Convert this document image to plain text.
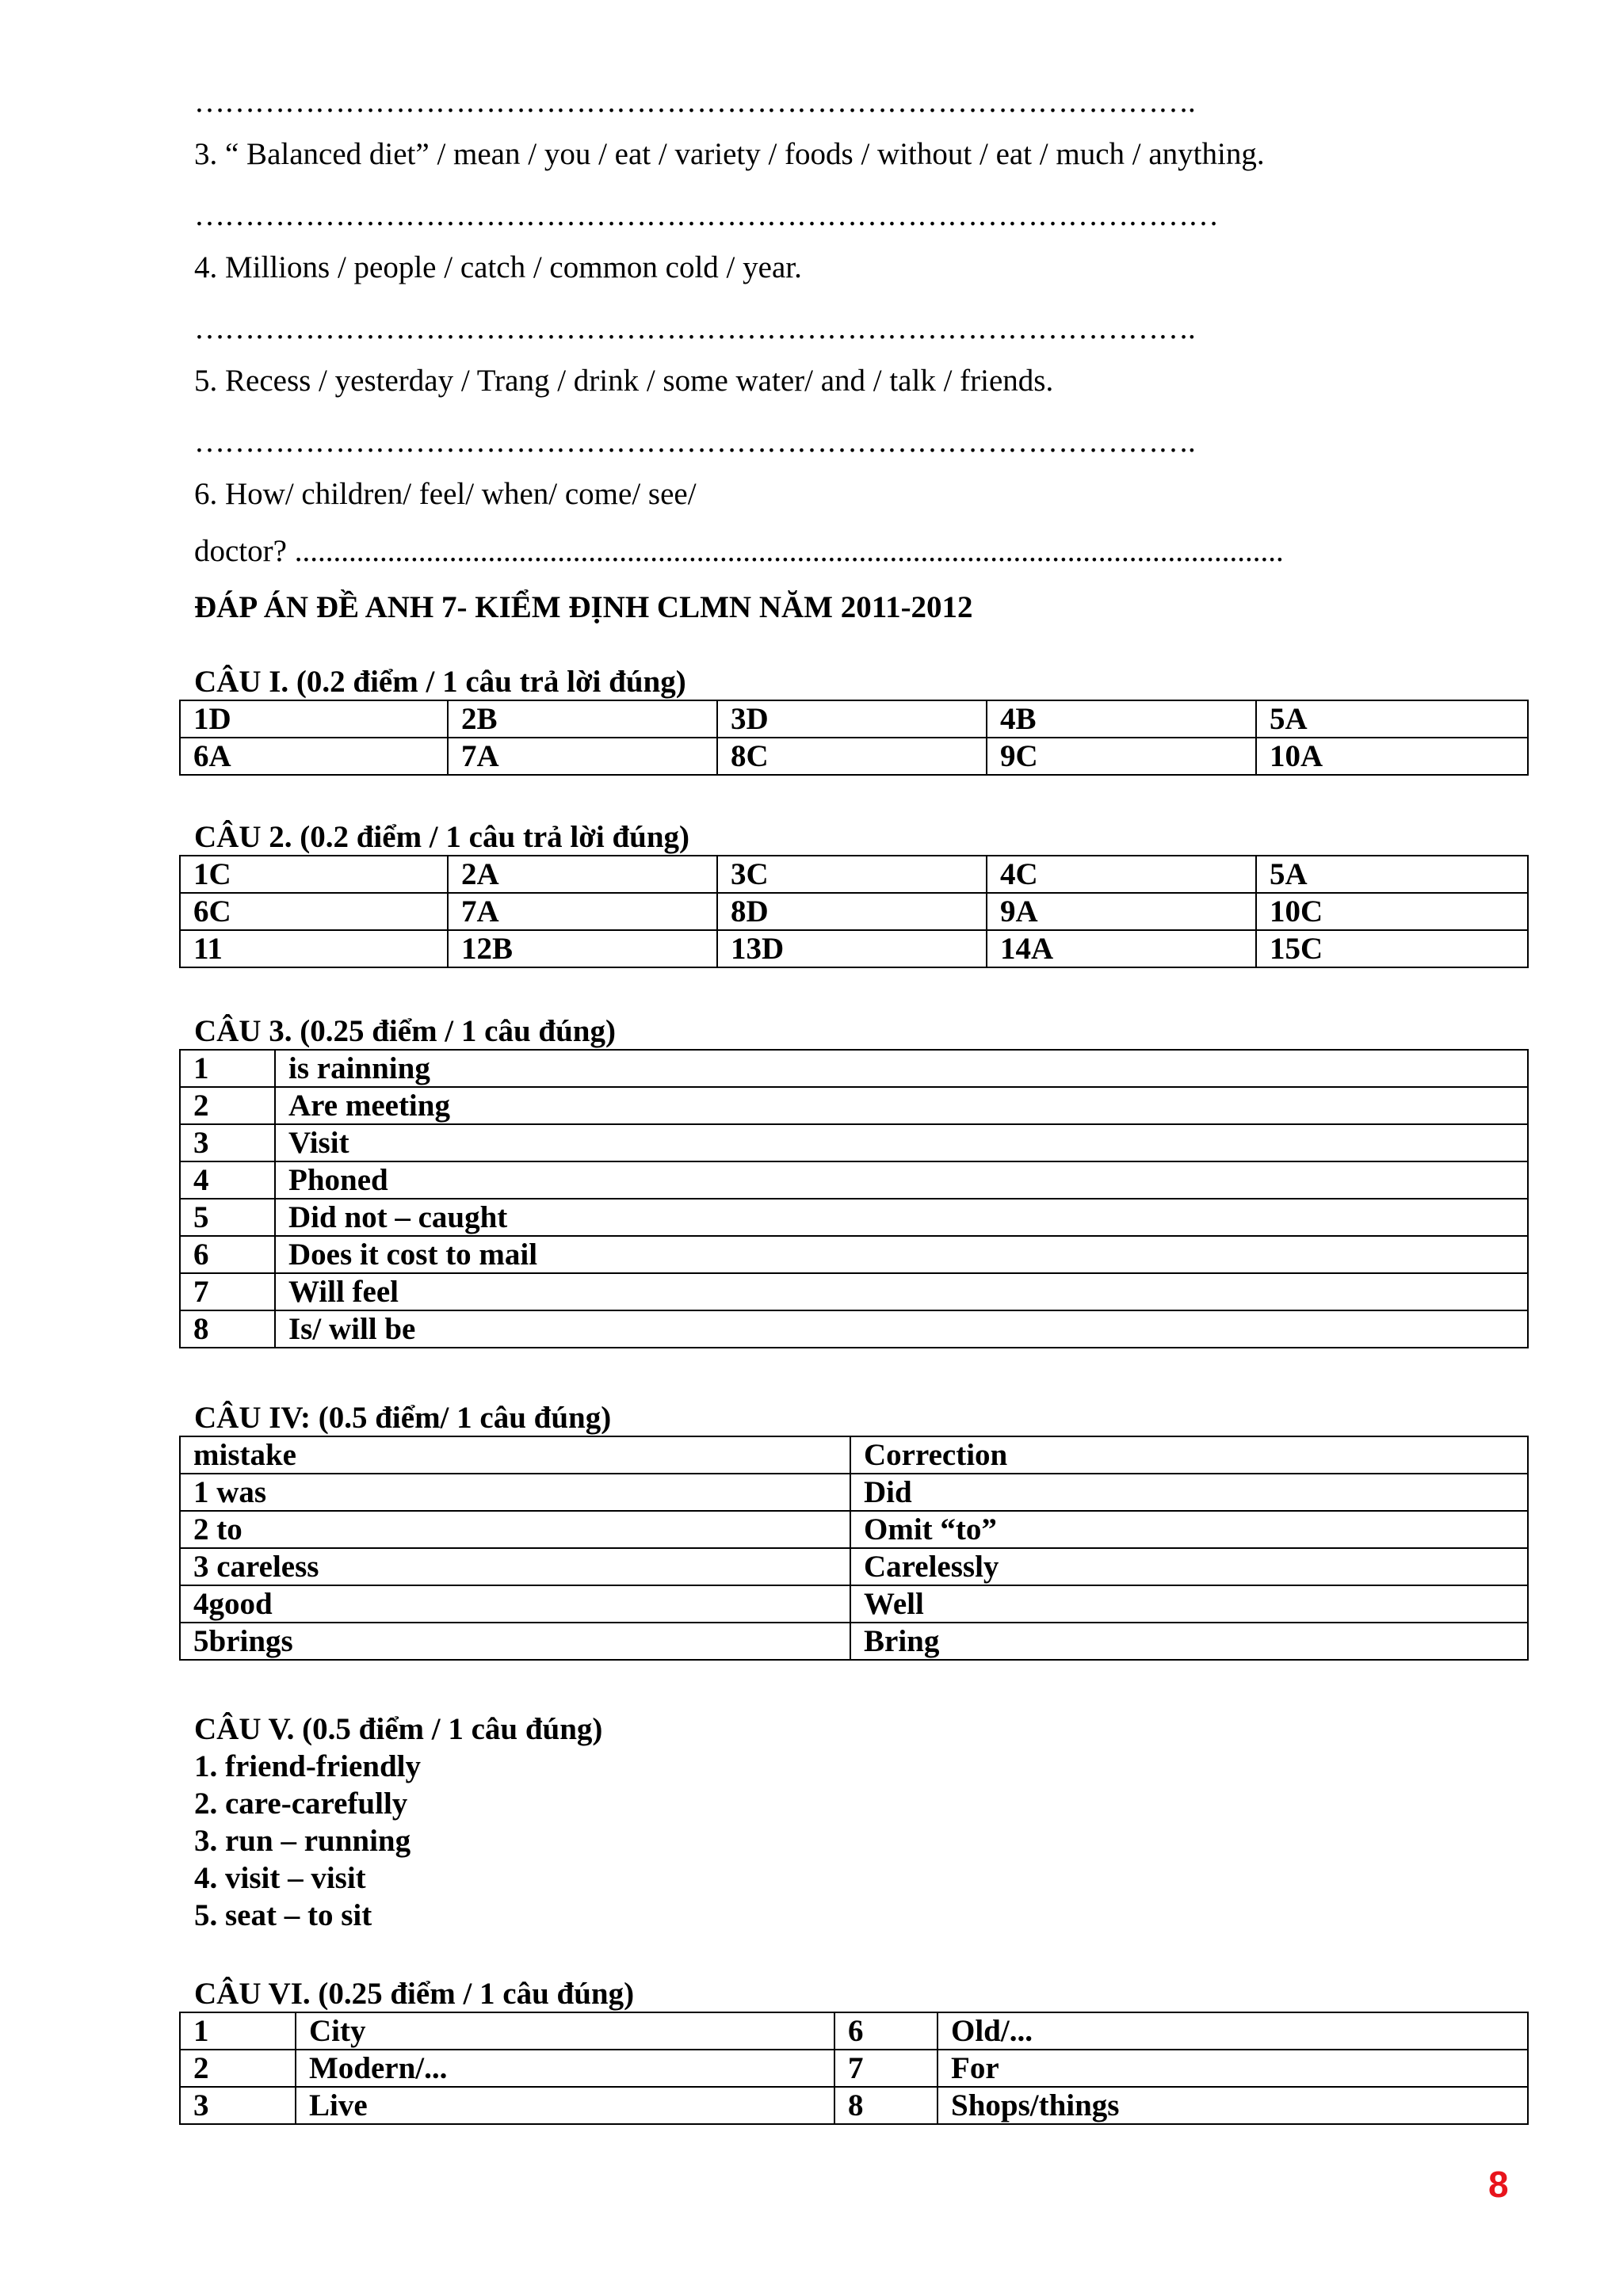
……………………………………………………………………………………….
3. “ Balanced diet” / mean / you / eat / variety / foods / without / eat / much / anything.
…………………………………………………………………………………………
4. Millions / people / catch / common cold / year.
……………………………………………………………………………………….
5. Recess / yesterday / Trang / drink / some water/ and / talk / friends.
……………………………………………………………………………………….
6. How/ children/ feel/ when/ come/ see/
doctor? ................................................................................................................................
ĐÁP ÁN ĐỀ ANH 7- KIỂM ĐỊNH CLMN NĂM 2011-2012
CÂU I. (0.2 điểm / 1 câu trả lời đúng)
1D	2B	3D	4B	5A
6A	7A	8C	9C	10A
CÂU 2. (0.2 điểm / 1 câu trả lời đúng)
1C	2A	3C	4C	5A
6C	7A	8D	9A	10C
11	12B	13D	14A	15C
CÂU 3. (0.25 điểm / 1 câu đúng)
1	is rainning
2	Are meeting
3	Visit
4	Phoned
5	Did not – caught
6	Does it cost to mail
7	Will feel
8	Is/ will be
CÂU IV: (0.5 điểm/ 1 câu đúng)
mistake	Correction
1 was	Did
2 to	Omit “to”
3 careless	Carelessly
4good	Well
5brings	Bring
CÂU V. (0.5 điểm / 1 câu đúng)
1. friend-friendly
2. care-carefully
3. run – running
4. visit – visit
5. seat – to sit
CÂU VI. (0.25 điểm / 1 câu đúng)
1	City	6	Old/...
2	Modern/...	7	For
3	Live	8	Shops/things
8
